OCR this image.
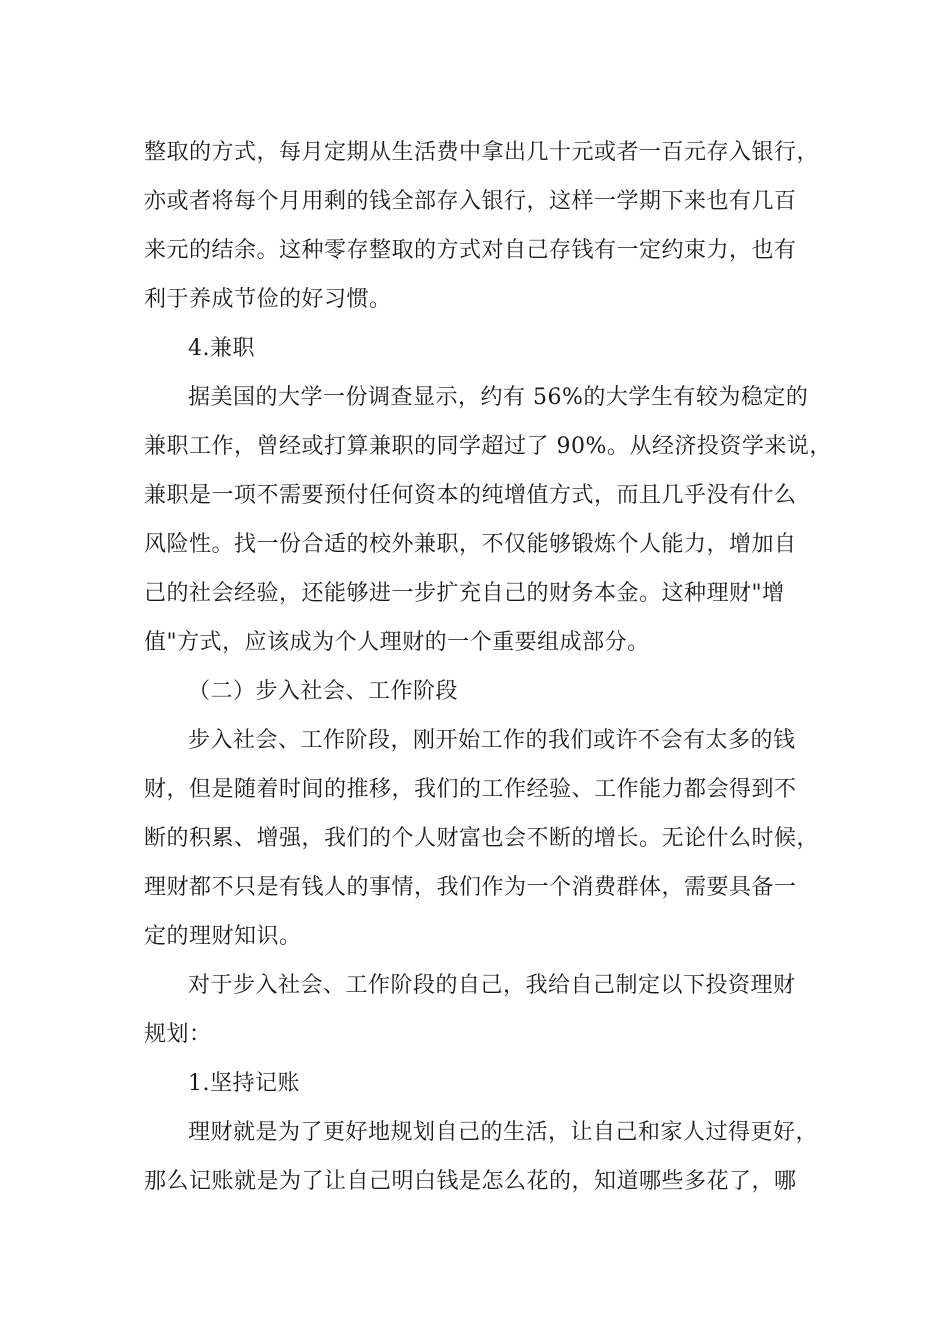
整取的方式，每月定期从生活费中拿出几十元或者一百元存入银行，
亦或者将每个月用剩的钱全部存入银行，这样一学期下来也有几百
来元的结余。这种零存整取的方式对自己存钱有一定约束力，也有
利于养成节俭的好习惯。
4.兼职
据美国的大学一份调查显示，约有 56%的大学生有较为稳定的
兼职工作，曾经或打算兼职的同学超过了 90%。从经济投资学来说，
兼职是一项不需要预付任何资本的纯增值方式，而且几乎没有什么
风险性。找一份合适的校外兼职，不仅能够锻炼个人能力，增加自
己的社会经验，还能够进一步扩充自己的财务本金。这种理财"增
值"方式，应该成为个人理财的一个重要组成部分。
（二）步入社会、工作阶段
步入社会、工作阶段，刚开始工作的我们或许不会有太多的钱
财，但是随着时间的推移，我们的工作经验、工作能力都会得到不
断的积累、增强，我们的个人财富也会不断的增长。无论什么时候，
理财都不只是有钱人的事情，我们作为一个消费群体，需要具备一
定的理财知识。
对于步入社会、工作阶段的自己，我给自己制定以下投资理财
规划：
1.坚持记账
理财就是为了更好地规划自己的生活，让自己和家人过得更好，
那么记账就是为了让自己明白钱是怎么花的，知道哪些多花了，哪
